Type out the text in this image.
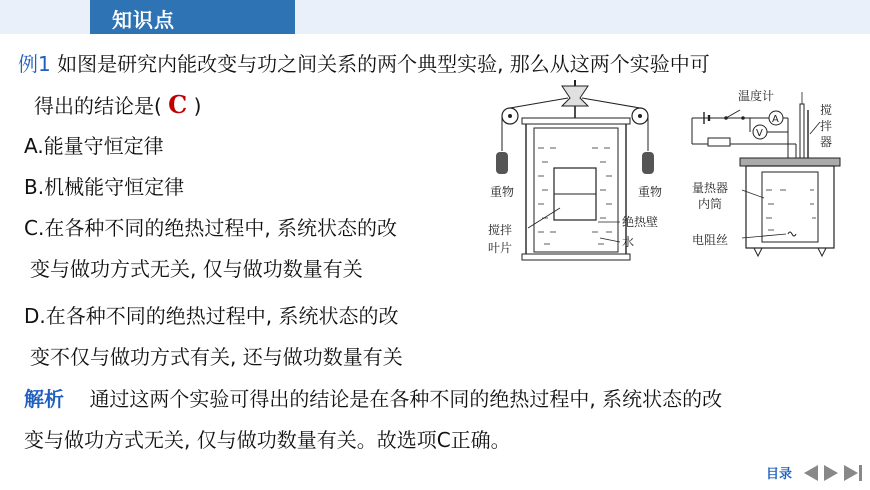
知识点
例1 如图是研究内能改变与功之间关系的两个典型实验, 那么从这两个实验中可
得出的结论是( C )
A.能量守恒定律
B.机械能守恒定律
C.在各种不同的绝热过程中, 系统状态的改
变与做功方式无关, 仅与做功数量有关
D.在各种不同的绝热过程中, 系统状态的改
变不仅与做功方式有关, 还与做功数量有关
解析 通过这两个实验可得出的结论是在各种不同的绝热过程中, 系统状态的改
变与做功方式无关, 仅与做功数量有关。故选项C正确。
重物	重物
搅拌
叶片
绝热壁
水
A
V
温度计
搅
拌
器
量热器
内筒
电阻丝
目录
